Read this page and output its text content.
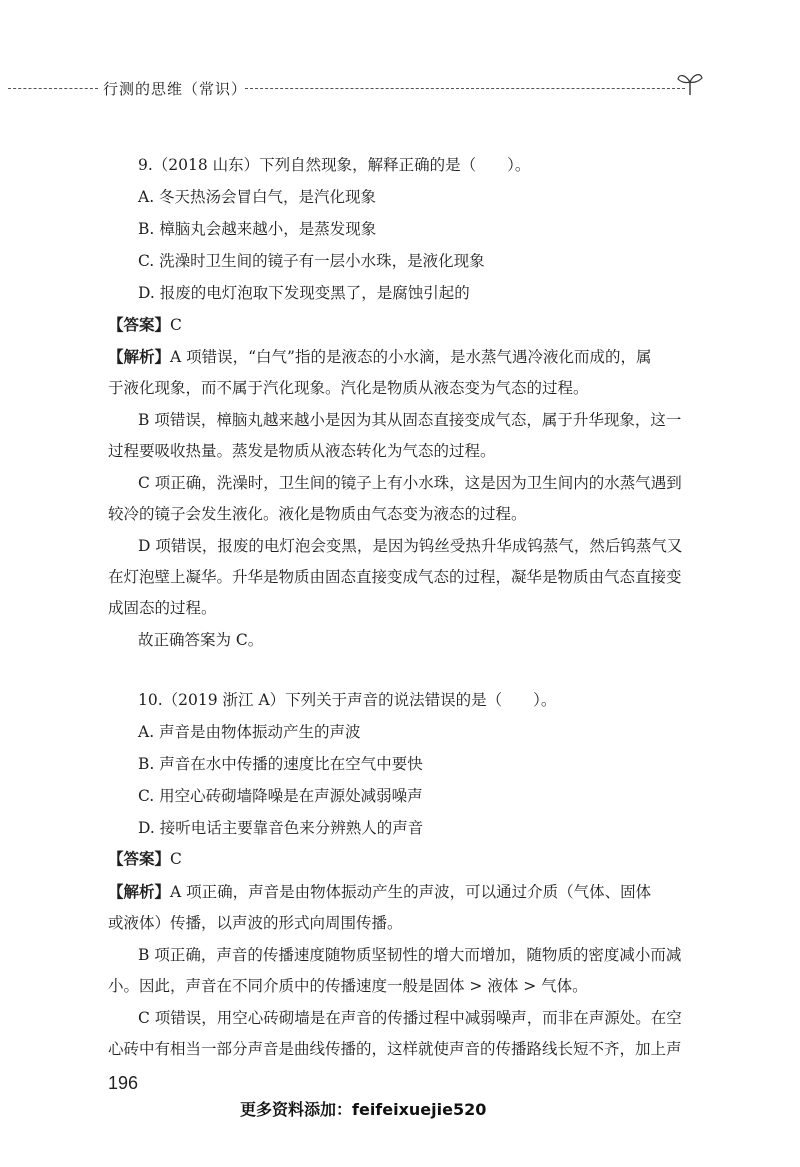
行测的思维（常识）
9.（2018 山东）下列自然现象，解释正确的是（　　）。
A. 冬天热汤会冒白气，是汽化现象
B. 樟脑丸会越来越小，是蒸发现象
C. 洗澡时卫生间的镜子有一层小水珠，是液化现象
D. 报废的电灯泡取下发现变黑了，是腐蚀引起的
【答案】C
【解析】A 项错误，“白气”指的是液态的小水滴，是水蒸气遇冷液化而成的，属
于液化现象，而不属于汽化现象。汽化是物质从液态变为气态的过程。
B 项错误，樟脑丸越来越小是因为其从固态直接变成气态，属于升华现象，这一
过程要吸收热量。蒸发是物质从液态转化为气态的过程。
C 项正确，洗澡时，卫生间的镜子上有小水珠，这是因为卫生间内的水蒸气遇到
较冷的镜子会发生液化。液化是物质由气态变为液态的过程。
D 项错误，报废的电灯泡会变黑，是因为钨丝受热升华成钨蒸气，然后钨蒸气又
在灯泡壁上凝华。升华是物质由固态直接变成气态的过程，凝华是物质由气态直接变
成固态的过程。
故正确答案为 C。
10.（2019 浙江 A）下列关于声音的说法错误的是（　　）。
A. 声音是由物体振动产生的声波
B. 声音在水中传播的速度比在空气中要快
C. 用空心砖砌墙降噪是在声源处减弱噪声
D. 接听电话主要靠音色来分辨熟人的声音
【答案】C
【解析】A 项正确，声音是由物体振动产生的声波，可以通过介质（气体、固体
或液体）传播，以声波的形式向周围传播。
B 项正确，声音的传播速度随物质坚韧性的增大而增加，随物质的密度减小而减
小。因此，声音在不同介质中的传播速度一般是固体 > 液体 > 气体。
C 项错误，用空心砖砌墙是在声音的传播过程中减弱噪声，而非在声源处。在空
心砖中有相当一部分声音是曲线传播的，这样就使声音的传播路线长短不齐，加上声
196
更多资料添加：feifeixuejie520
